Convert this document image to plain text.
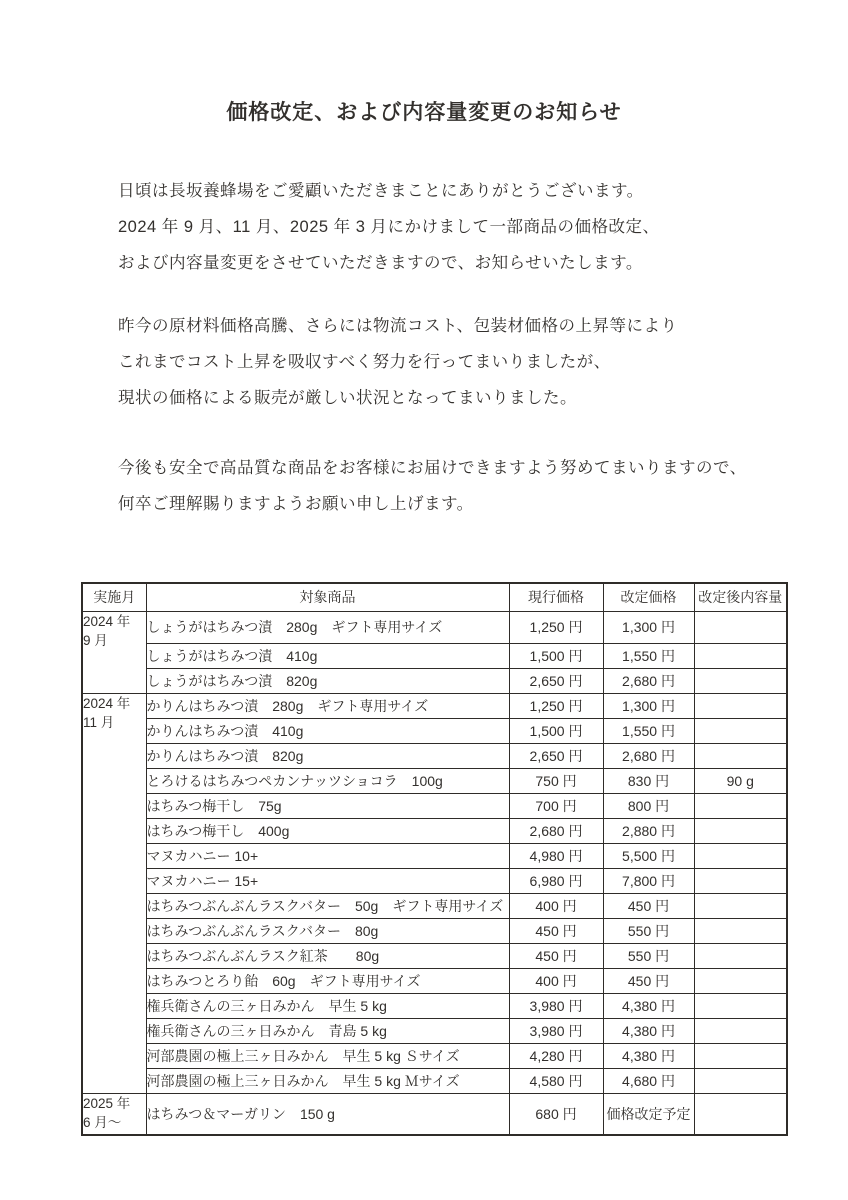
価格改定、および内容量変更のお知らせ
日頃は長坂養蜂場をご愛顧いただきまことにありがとうございます。
2024 年 9 月、11 月、2025 年 3 月にかけまして一部商品の価格改定、
および内容量変更をさせていただきますので、お知らせいたします。
昨今の原材料価格高騰、さらには物流コスト、包装材価格の上昇等により
これまでコスト上昇を吸収すべく努力を行ってまいりましたが、
現状の価格による販売が厳しい状況となってまいりました。
今後も安全で高品質な商品をお客様にお届けできますよう努めてまいりますので、
何卒ご理解賜りますようお願い申し上げます。
実施月	対象商品	現行価格	改定価格	改定後内容量

2024 年
9 月	しょうがはちみつ漬　280g　ギフト専用サイズ	1,250 円	1,300 円	
	しょうがはちみつ漬　410g	1,500 円	1,550 円	
	しょうがはちみつ漬　820g	2,650 円	2,680 円	

2024 年
11 月	かりんはちみつ漬　280g　ギフト専用サイズ	1,250 円	1,300 円	
	かりんはちみつ漬　410g	1,500 円	1,550 円	
	かりんはちみつ漬　820g	2,650 円	2,680 円	
	とろけるはちみつペカンナッツショコラ　100g	750 円	830 円	90 g
	はちみつ梅干し　75g	700 円	800 円	
	はちみつ梅干し　400g	2,680 円	2,880 円	
	マヌカハニー 10+	4,980 円	5,500 円	
	マヌカハニー 15+	6,980 円	7,800 円	
	はちみつぶんぶんラスクバター　50g　ギフト専用サイズ	400 円	450 円	
	はちみつぶんぶんラスクバター　80g	450 円	550 円	
	はちみつぶんぶんラスク紅茶　　80g	450 円	550 円	
	はちみつとろり飴　60g　ギフト専用サイズ	400 円	450 円	
	権兵衛さんの三ヶ日みかん　早生 5 kg	3,980 円	4,380 円	
	権兵衛さんの三ヶ日みかん　青島 5 kg	3,980 円	4,380 円	
	河部農園の極上三ヶ日みかん　早生 5 kg Ｓサイズ	4,280 円	4,380 円	
	河部農園の極上三ヶ日みかん　早生 5 kg Ｍサイズ	4,580 円	4,680 円	

2025 年
6 月〜	はちみつ＆マーガリン　150 g	680 円	価格改定予定	
